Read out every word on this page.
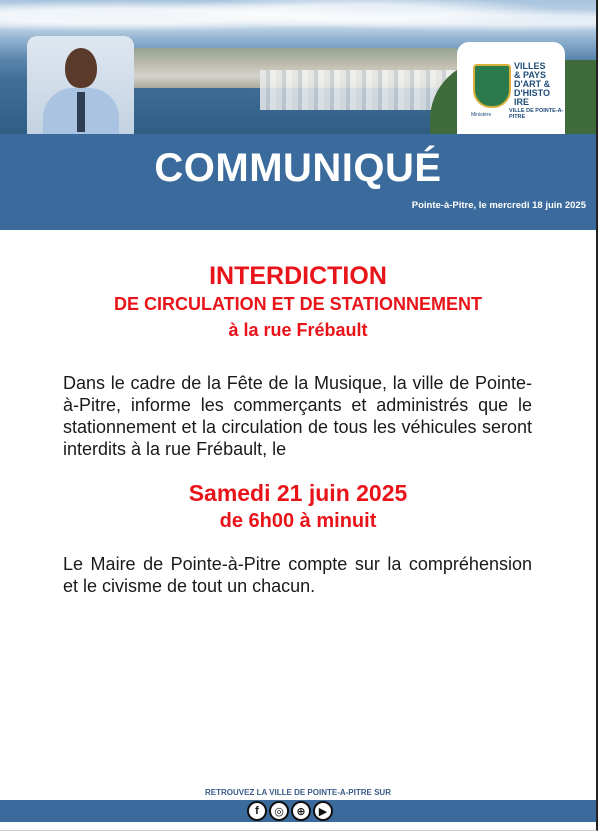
VILLES
& PAYS
D'ART &
D'HISTO
IRE
Ministère
VILLE DE POINTE-A-PITRE
COMMUNIQUÉ
Pointe-à-Pitre, le mercredi 18 juin 2025
INTERDICTION
DE CIRCULATION ET DE STATIONNEMENT
à la rue Frébault

Dans le cadre de la Fête de la Musique, la ville de Pointe-à-Pitre, informe les commerçants et administrés que le stationnement et la circulation de tous les véhicules seront interdits à la rue Frébault, le

Samedi 21 juin 2025
de 6h00 à minuit

Le Maire de Pointe-à-Pitre compte sur la compréhension et le civisme de tout un chacun.

RETROUVEZ LA VILLE DE POINTE-A-PITRE SUR
f	◎	⊕	▶
